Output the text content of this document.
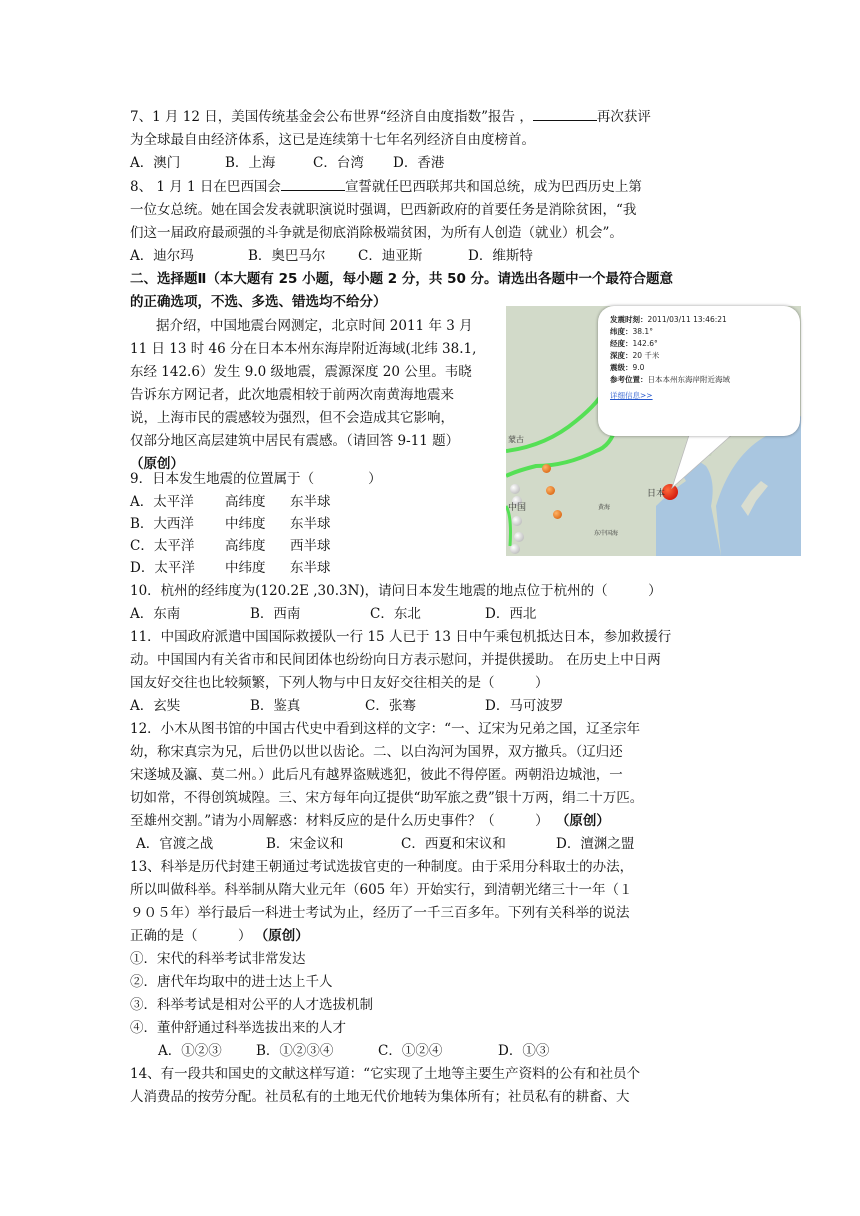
7、1 月 12 日，美国传统基金会公布世界“经济自由度指数”报告 ，	再次获评
为全球最自由经济体系，这已是连续第十七年名列经济自由度榜首。
A．澳门	B．上海	C．台湾 D．香港
8、 1 月 1 日在巴西国会	宣誓就任巴西联邦共和国总统，成为巴西历史上第
一位女总统。她在国会发表就职演说时强调，巴西新政府的首要任务是消除贫困，“我
们这一届政府最顽强的斗争就是彻底消除极端贫困，为所有人创造（就业）机会”。
A．迪尔玛	B．奥巴马尔 C．迪亚斯	D．维斯特
二、选择题Ⅱ（本大题有 25 小题，每小题 2 分，共 50 分。请选出各题中一个最符合题意
的正确选项，不选、多选、错选均不给分）
据介绍，中国地震台网测定，北京时间 2011 年 3 月
11 日 13 时 46 分在日本本州东海岸附近海域(北纬 38.1,
东经 142.6）发生 9.0 级地震，震源深度 20 公里。韦晓
告诉东方网记者，此次地震相较于前两次南黄海地震来
说，上海市民的震感较为强烈，但不会造成其它影响，
仅部分地区高层建筑中居民有震感。（请回答 9-11 题）
（原创）
蒙古
中国
日本
东中国海
黄海
发震时刻：2011/03/11 13:46:21
纬度：38.1°
经度：142.6°
深度：20 千米
震级：9.0
参考位置：日本本州东海岸附近海域
详细信息>>
9．日本发生地震的位置属于（　　　　）
A．太平洋 高纬度 东半球
B．大西洋 中纬度 东半球
C．太平洋 高纬度 西半球
D．太平洋 中纬度 东半球
10．杭州的经纬度为(120.2E ,30.3N)，请问日本发生地震的地点位于杭州的（　　　）
A．东南	B．西南	C．东北	D．西北
11．中国政府派遣中国国际救援队一行 15 人已于 13 日中午乘包机抵达日本，参加救援行
动。中国国内有关省市和民间团体也纷纷向日方表示慰问，并提供援助。 在历史上中日两
国友好交往也比较频繁，下列人物与中日友好交往相关的是（　　　）
A．玄奘	B．鉴真	C．张骞	D．马可波罗
12．小木从图书馆的中国古代史中看到这样的文字：“一、辽宋为兄弟之国，辽圣宗年
幼，称宋真宗为兄，后世仍以世以齿论。二、以白沟河为国界，双方撤兵。（辽归还
宋遂城及瀛、莫二州。）此后凡有越界盗贼逃犯，彼此不得停匿。两朝沿边城池，一
切如常，不得创筑城隍。三、宋方每年向辽提供“助军旅之费”银十万两，绢二十万匹。
至雄州交割。”请为小周解惑：材料反应的是什么历史事件？（　　　） （原创）
A．官渡之战	B．宋金议和	C．西夏和宋议和	D．澶渊之盟
13、科举是历代封建王朝通过考试选拔官吏的一种制度。由于采用分科取士的办法，
所以叫做科举。科举制从隋大业元年（605 年）开始实行，到清朝光绪三十一年（１
９０５年）举行最后一科进士考试为止，经历了一千三百多年。下列有关科举的说法
正确的是（　　　） （原创）
①．宋代的科举考试非常发达
②．唐代年均取中的进士达上千人
③．科举考试是相对公平的人才选拔机制
④．董仲舒通过科举选拔出来的人才
A．①②③	B．①②③④	C．①②④	D．①③
14、有一段共和国史的文献这样写道：“它实现了土地等主要生产资料的公有和社员个
人消费品的按劳分配。社员私有的土地无代价地转为集体所有；社员私有的耕畜、大
